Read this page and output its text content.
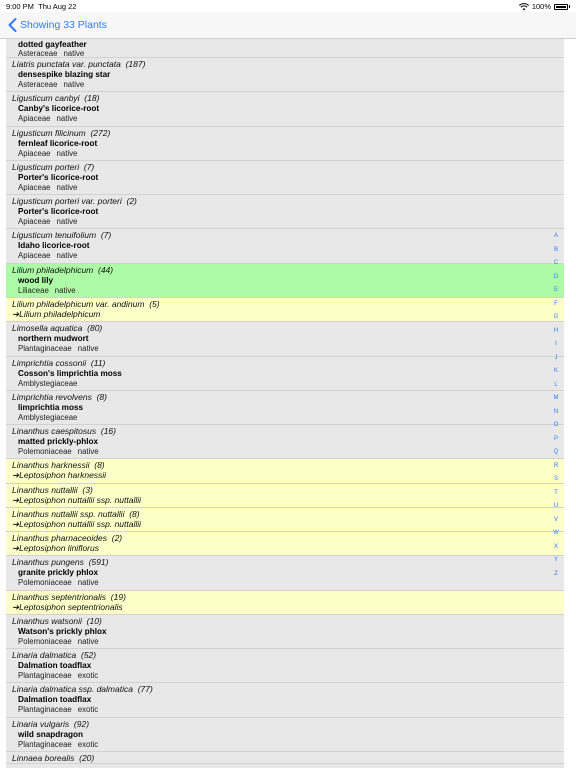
9:00 PM Thu Aug 22	100%
Showing 33 Plants
dotted gayfeather
Asteraceae native
Liatris punctata var. punctata (187)
densespike blazing star
Asteraceae native
Ligusticum canbyi (18)
Canby's licorice-root
Apiaceae native
Ligusticum filicinum (272)
fernleaf licorice-root
Apiaceae native
Ligusticum porteri (7)
Porter's licorice-root
Apiaceae native
Ligusticum porteri var. porteri (2)
Porter's licorice-root
Apiaceae native
Ligusticum tenuifolium (7)
Idaho licorice-root
Apiaceae native
Lilium philadelphicum (44)
wood lily
Liliaceae native
Lilium philadelphicum var. andinum (5)
➔Lilium philadelphicum
Limosella aquatica (80)
northern mudwort
Plantaginaceae native
Limprichtia cossonii (11)
Cosson's limprichtia moss
Amblystegiaceae
Limprichtia revolvens (8)
limprichtia moss
Amblystegiaceae
Linanthus caespitosus (16)
matted prickly-phlox
Polemoniaceae native
Linanthus harknessii (8)
➔Leptosiphon harknessii
Linanthus nuttallii (3)
➔Leptosiphon nuttallii ssp. nuttallii
Linanthus nuttallii ssp. nuttallii (8)
➔Leptosiphon nuttallii ssp. nuttallii
Linanthus pharnaceoides (2)
➔Leptosiphon liniflorus
Linanthus pungens (591)
granite prickly phlox
Polemoniaceae native
Linanthus septentrionalis (19)
➔Leptosiphon septentrionalis
Linanthus watsonii (10)
Watson's prickly phlox
Polemoniaceae native
Linaria dalmatica (52)
Dalmation toadflax
Plantaginaceae exotic
Linaria dalmatica ssp. dalmatica (77)
Dalmation toadflax
Plantaginaceae exotic
Linaria vulgaris (92)
wild snapdragon
Plantaginaceae exotic
Linnaea borealis (20)
A
B
C
D
E
F
G
H
I
J
K
L
M
N
O
P
Q
R
S
T
U
V
W
X
Y
Z
